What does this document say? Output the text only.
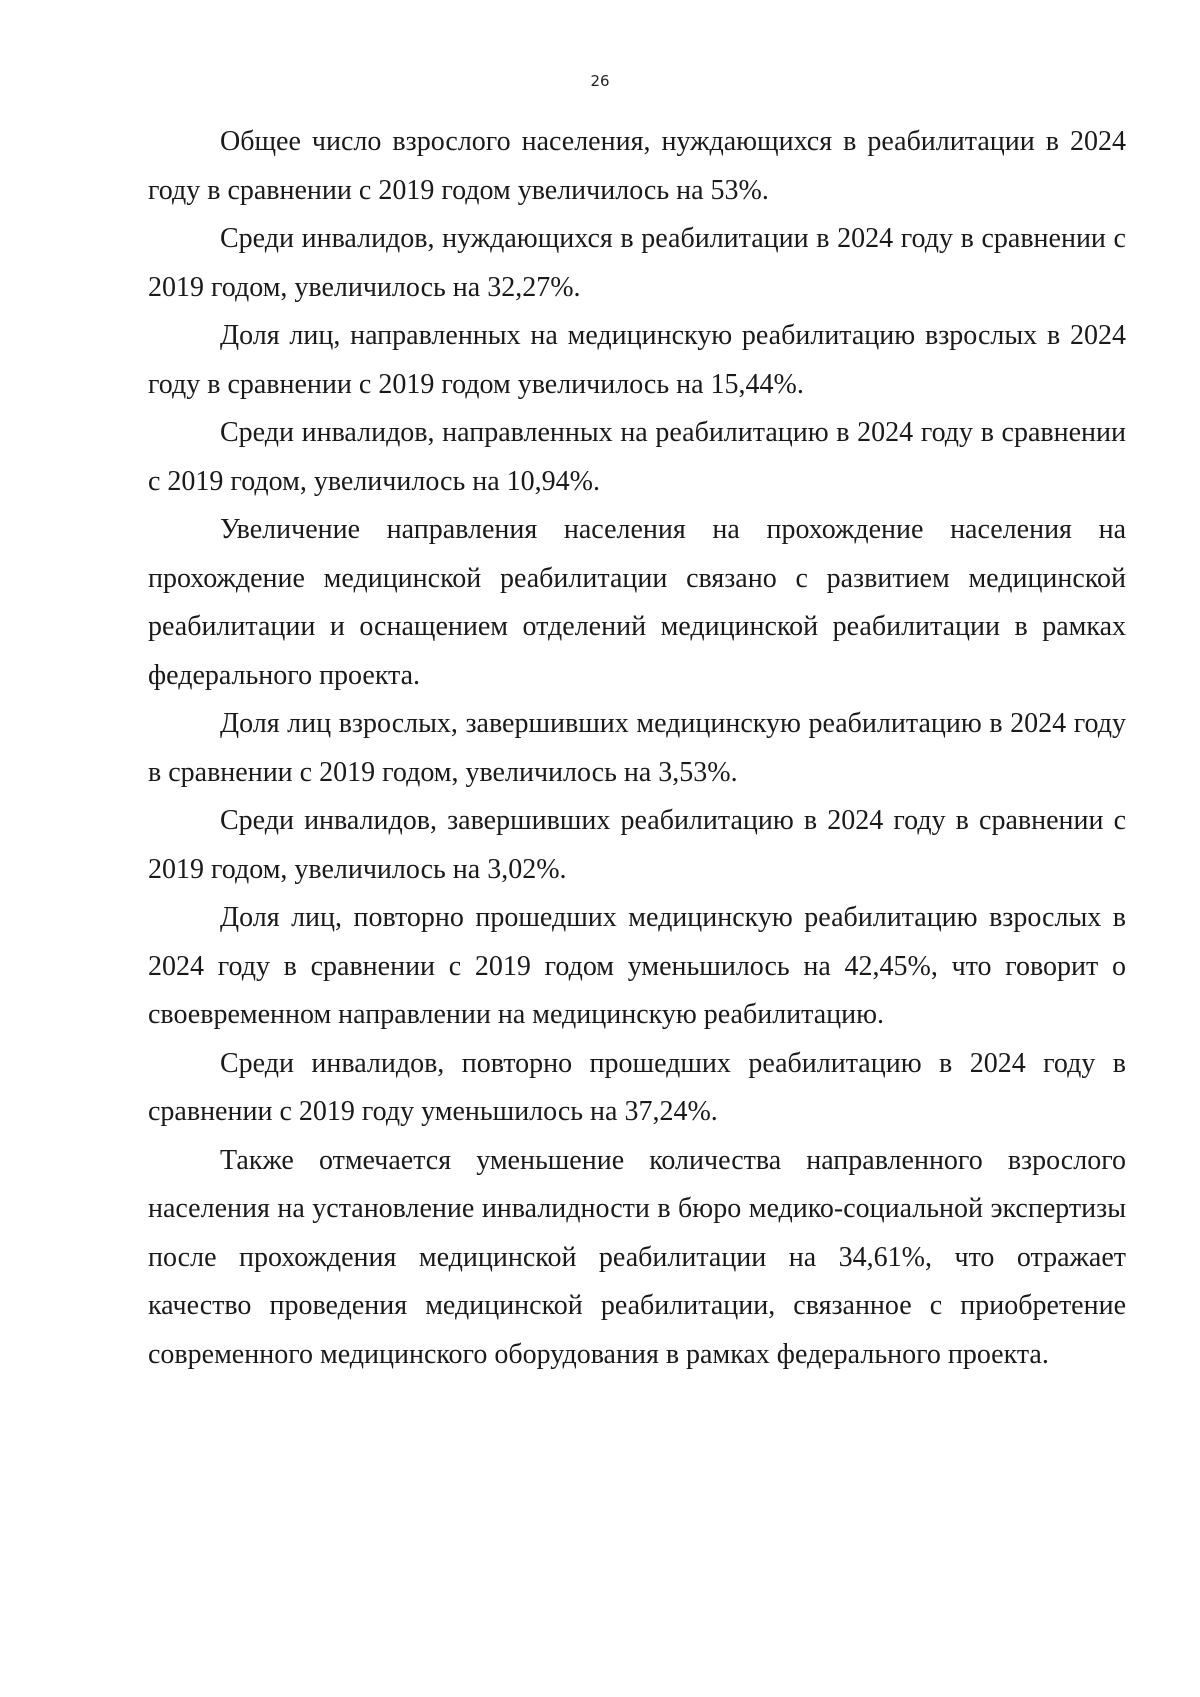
26

Общее число взрослого населения, нуждающихся в реабилитации в 2024 году в сравнении с 2019 годом увеличилось на 53%.

Среди инвалидов, нуждающихся в реабилитации в 2024 году в сравнении с 2019 годом, увеличилось на 32,27%.

Доля лиц, направленных на медицинскую реабилитацию взрослых в 2024 году в сравнении с 2019 годом увеличилось на 15,44%.

Среди инвалидов, направленных на реабилитацию в 2024 году в сравнении с 2019 годом, увеличилось на 10,94%.

Увеличение направления населения на прохождение населения на прохождение медицинской реабилитации связано с развитием медицинской реабилитации и оснащением отделений медицинской реабилитации в рамках федерального проекта.

Доля лиц взрослых, завершивших медицинскую реабилитацию в 2024 году в сравнении с 2019 годом, увеличилось на 3,53%.

Среди инвалидов, завершивших реабилитацию в 2024 году в сравнении с 2019 годом, увеличилось на 3,02%.

Доля лиц, повторно прошедших медицинскую реабилитацию взрослых в 2024 году в сравнении с 2019 годом уменьшилось на 42,45%, что говорит о своевременном направлении на медицинскую реабилитацию.

Среди инвалидов, повторно прошедших реабилитацию в 2024 году в сравнении с 2019 году уменьшилось на 37,24%.

Также отмечается уменьшение количества направленного взрослого населения на установление инвалидности в бюро медико-социальной экспертизы после прохождения медицинской реабилитации на 34,61%, что отражает качество проведения медицинской реабилитации, связанное с приобретение современного медицинского оборудования в рамках федерального проекта.
